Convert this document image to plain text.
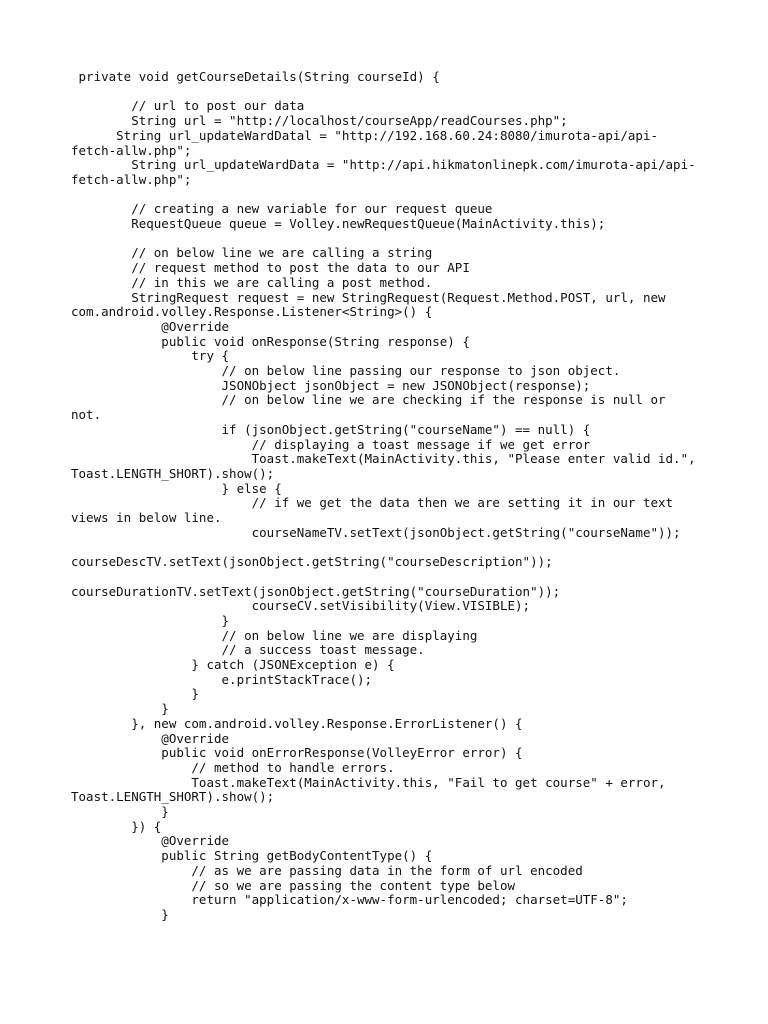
private void getCourseDetails(String courseId) {
// url to post our data
String url = "http://localhost/courseApp/readCourses.php";
String url_updateWardDatal = "http://192.168.60.24:8080/imurota-api/api-
fetch-allw.php";
String url_updateWardData = "http://api.hikmatonlinepk.com/imurota-api/api-
fetch-allw.php";
// creating a new variable for our request queue
RequestQueue queue = Volley.newRequestQueue(MainActivity.this);
// on below line we are calling a string
// request method to post the data to our API
// in this we are calling a post method.
StringRequest request = new StringRequest(Request.Method.POST, url, new
com.android.volley.Response.Listener<String>() {
@Override
public void onResponse(String response) {
try {
// on below line passing our response to json object.
JSONObject jsonObject = new JSONObject(response);
// on below line we are checking if the response is null or
not.
if (jsonObject.getString("courseName") == null) {
// displaying a toast message if we get error
Toast.makeText(MainActivity.this, "Please enter valid id.",
Toast.LENGTH_SHORT).show();
} else {
// if we get the data then we are setting it in our text
views in below line.
courseNameTV.setText(jsonObject.getString("courseName"));
courseDescTV.setText(jsonObject.getString("courseDescription"));
courseDurationTV.setText(jsonObject.getString("courseDuration"));
courseCV.setVisibility(View.VISIBLE);
}
// on below line we are displaying
// a success toast message.
} catch (JSONException e) {
e.printStackTrace();
}
}
}, new com.android.volley.Response.ErrorListener() {
@Override
public void onErrorResponse(VolleyError error) {
// method to handle errors.
Toast.makeText(MainActivity.this, "Fail to get course" + error,
Toast.LENGTH_SHORT).show();
}
}) {
@Override
public String getBodyContentType() {
// as we are passing data in the form of url encoded
// so we are passing the content type below
return "application/x-www-form-urlencoded; charset=UTF-8";
}
